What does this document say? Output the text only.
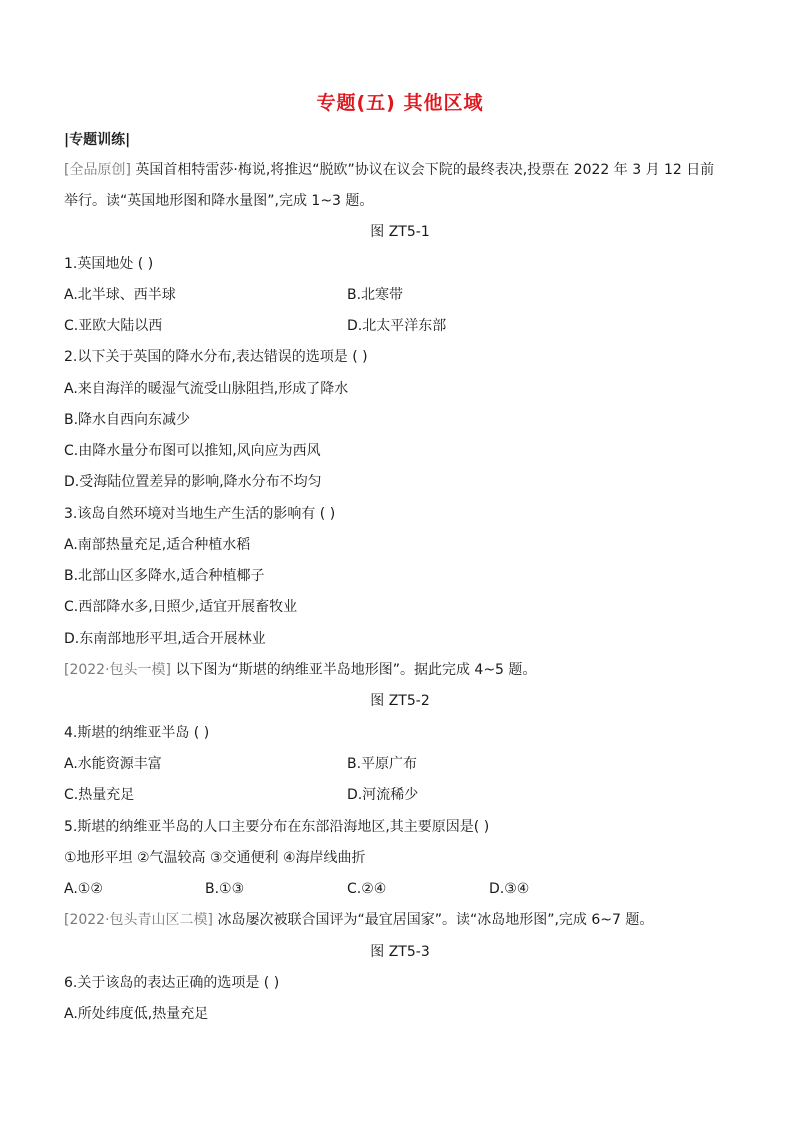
专题(五) 其他区域
|专题训练|
[全品原创] 英国首相特雷莎·梅说,将推迟“脱欧”协议在议会下院的最终表决,投票在 2022 年 3 月 12 日前
举行。读“英国地形图和降水量图”,完成 1~3 题。
图 ZT5-1
1.英国地处 ( )
A.北半球、西半球	B.北寒带
C.亚欧大陆以西	D.北太平洋东部
2.以下关于英国的降水分布,表达错误的选项是 ( )
A.来自海洋的暖湿气流受山脉阻挡,形成了降水
B.降水自西向东减少
C.由降水量分布图可以推知,风向应为西风
D.受海陆位置差异的影响,降水分布不均匀
3.该岛自然环境对当地生产生活的影响有 ( )
A.南部热量充足,适合种植水稻
B.北部山区多降水,适合种植椰子
C.西部降水多,日照少,适宜开展畜牧业
D.东南部地形平坦,适合开展林业
[2022·包头一模] 以下图为“斯堪的纳维亚半岛地形图”。据此完成 4~5 题。
图 ZT5-2
4.斯堪的纳维亚半岛 ( )
A.水能资源丰富	B.平原广布
C.热量充足	D.河流稀少
5.斯堪的纳维亚半岛的人口主要分布在东部沿海地区,其主要原因是( )
①地形平坦 ②气温较高 ③交通便利 ④海岸线曲折
A.①②	B.①③	C.②④	D.③④
[2022·包头青山区二模] 冰岛屡次被联合国评为“最宜居国家”。读“冰岛地形图”,完成 6~7 题。
图 ZT5-3
6.关于该岛的表达正确的选项是 ( )
A.所处纬度低,热量充足
